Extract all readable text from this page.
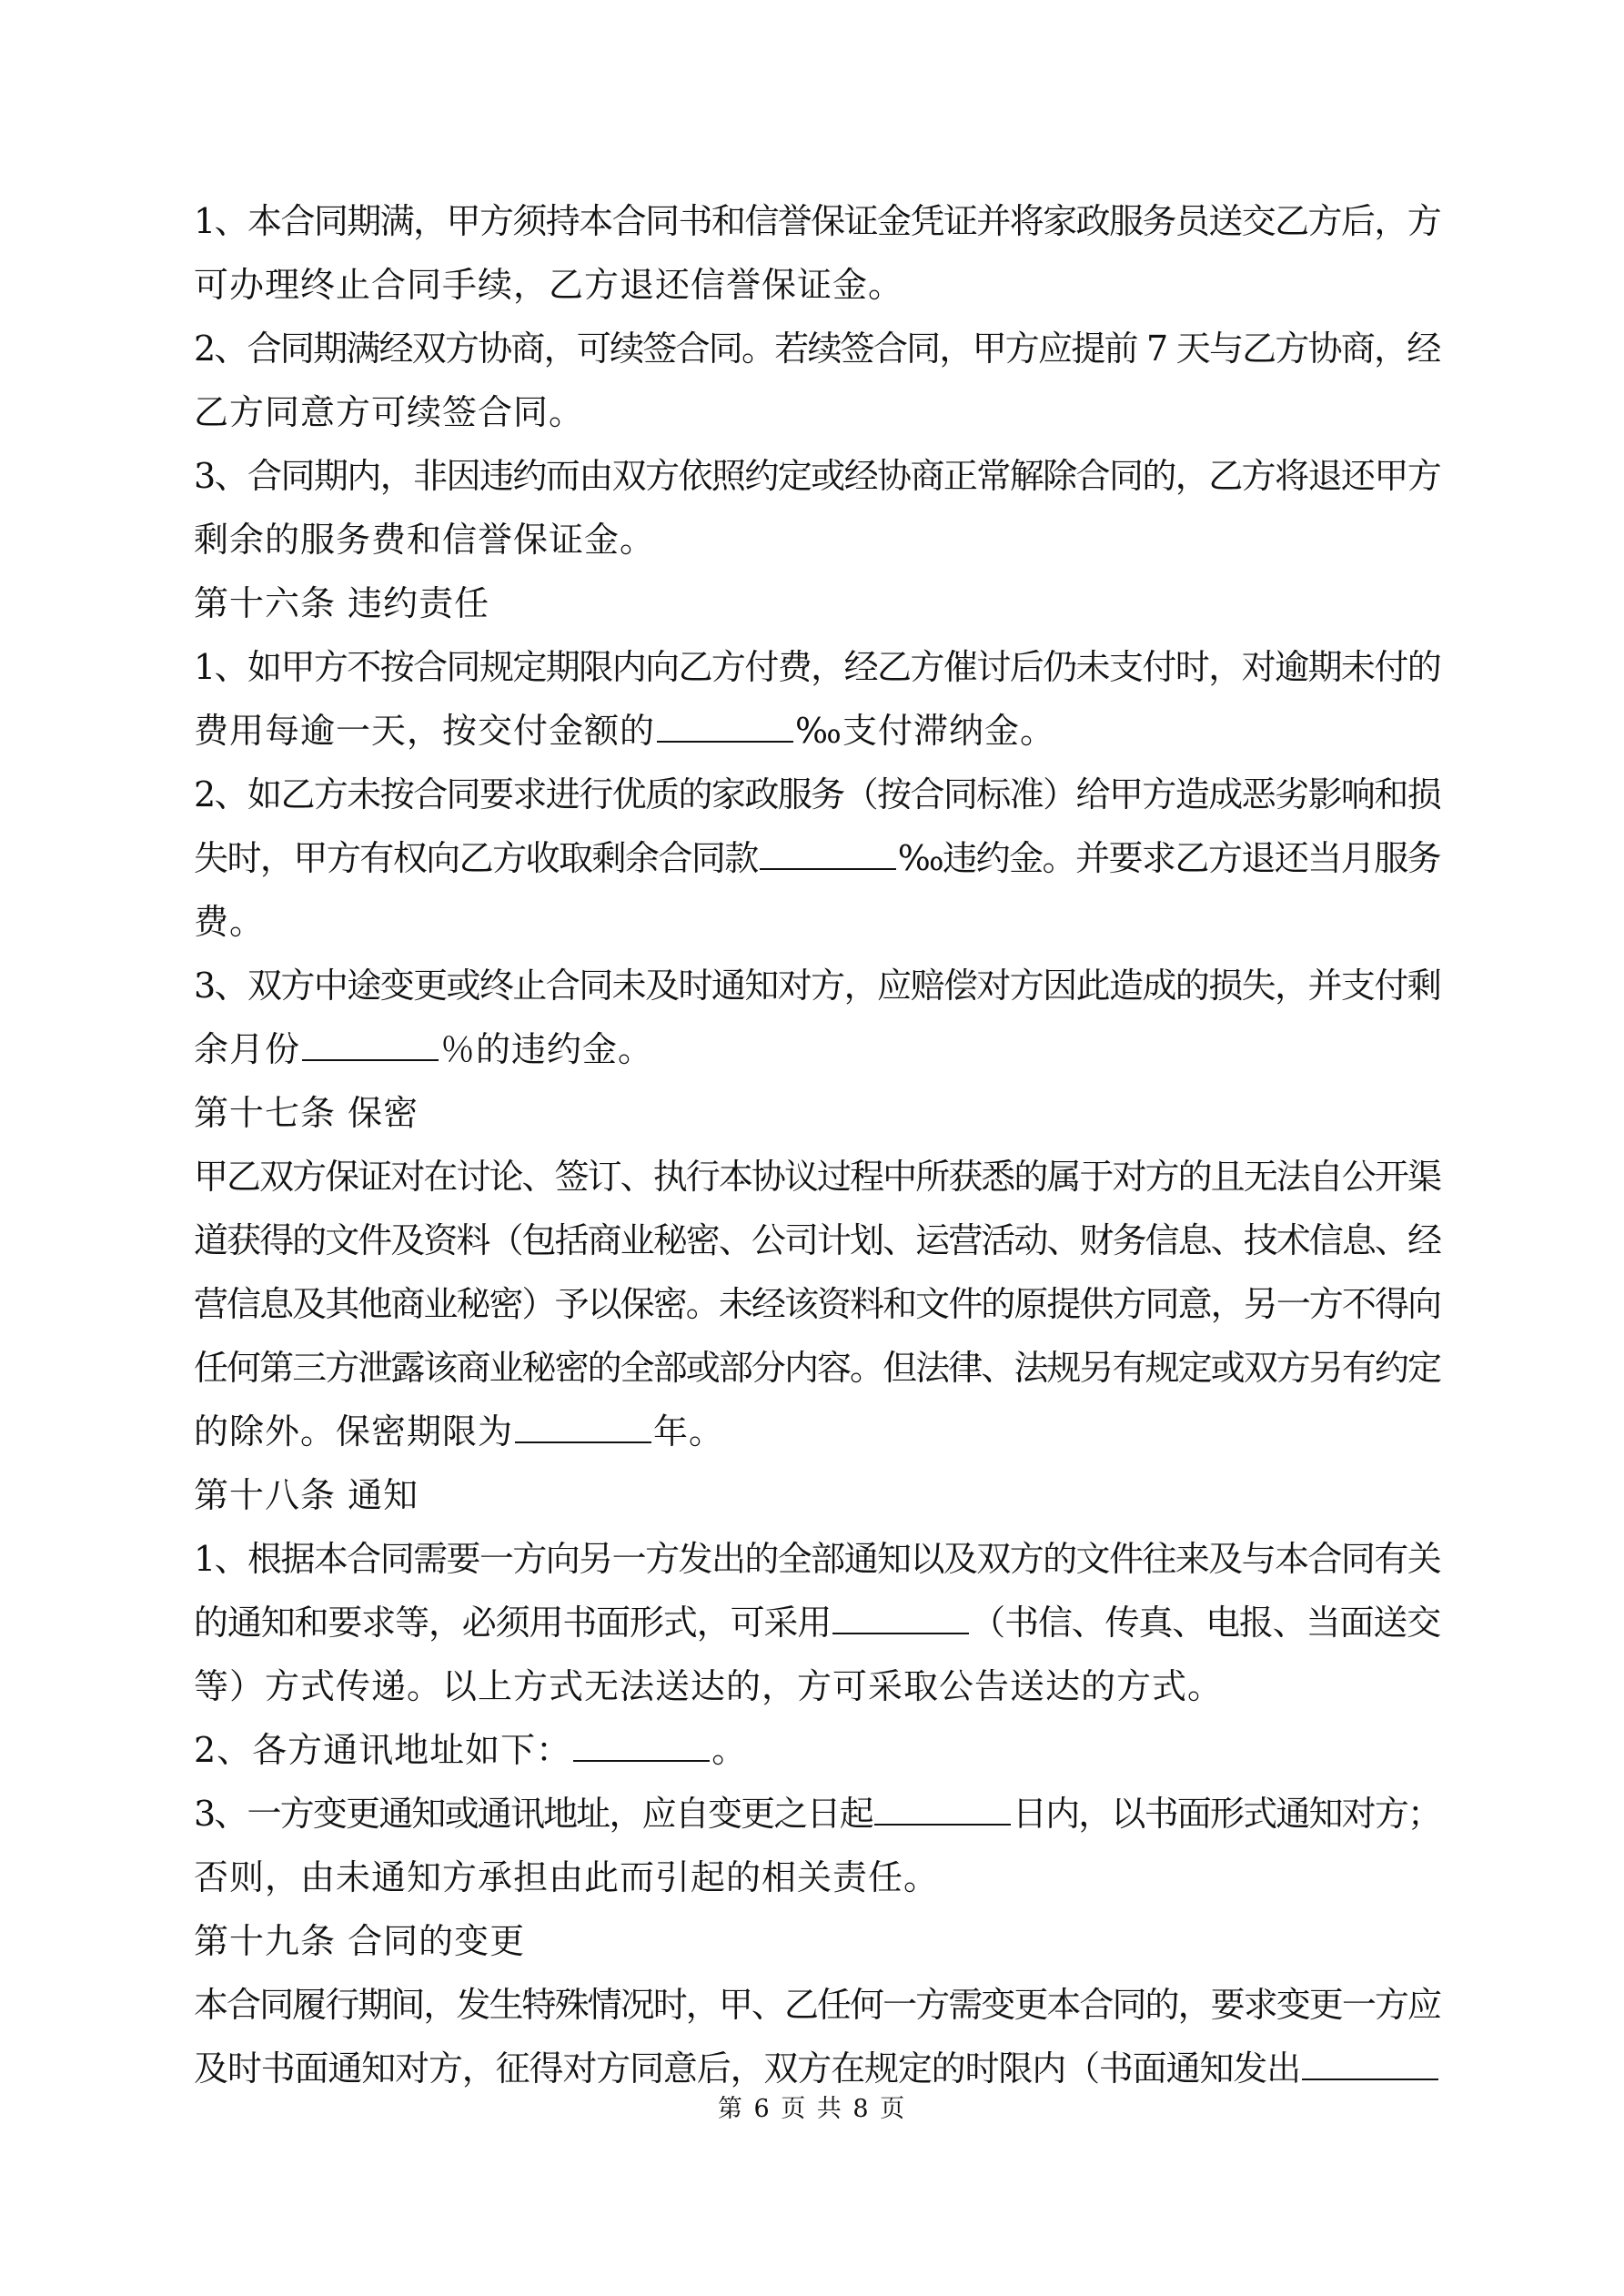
1、本合同期满，甲方须持本合同书和信誉保证金凭证并将家政服务员送交乙方后，方
可办理终止合同手续，乙方退还信誉保证金。
2、合同期满经双方协商，可续签合同。若续签合同，甲方应提前 7 天与乙方协商，经
乙方同意方可续签合同。
3、合同期内，非因违约而由双方依照约定或经协商正常解除合同的，乙方将退还甲方
剩余的服务费和信誉保证金。
第十六条 违约责任
1、如甲方不按合同规定期限内向乙方付费，经乙方催讨后仍未支付时，对逾期未付的
费用每逾一天，按交付金额的	‰支付滞纳金。
2、如乙方未按合同要求进行优质的家政服务（按合同标准）给甲方造成恶劣影响和损
失时，甲方有权向乙方收取剩余合同款	‰违约金。并要求乙方退还当月服务
费。
3、双方中途变更或终止合同未及时通知对方，应赔偿对方因此造成的损失，并支付剩
余月份	％的违约金。
第十七条 保密
甲乙双方保证对在讨论、签订、执行本协议过程中所获悉的属于对方的且无法自公开渠
道获得的文件及资料（包括商业秘密、公司计划、运营活动、财务信息、技术信息、经
营信息及其他商业秘密）予以保密。未经该资料和文件的原提供方同意，另一方不得向
任何第三方泄露该商业秘密的全部或部分内容。但法律、法规另有规定或双方另有约定
的除外。保密期限为	年。
第十八条 通知
1、根据本合同需要一方向另一方发出的全部通知以及双方的文件往来及与本合同有关
的通知和要求等，必须用书面形式，可采用	（书信、传真、电报、当面送交
等）方式传递。以上方式无法送达的，方可采取公告送达的方式。
2、各方通讯地址如下：	。
3、一方变更通知或通讯地址，应自变更之日起	日内，以书面形式通知对方；
否则，由未通知方承担由此而引起的相关责任。
第十九条 合同的变更
本合同履行期间，发生特殊情况时，甲、乙任何一方需变更本合同的，要求变更一方应
及时书面通知对方，征得对方同意后，双方在规定的时限内（书面通知发出
第 6 页 共 8 页
